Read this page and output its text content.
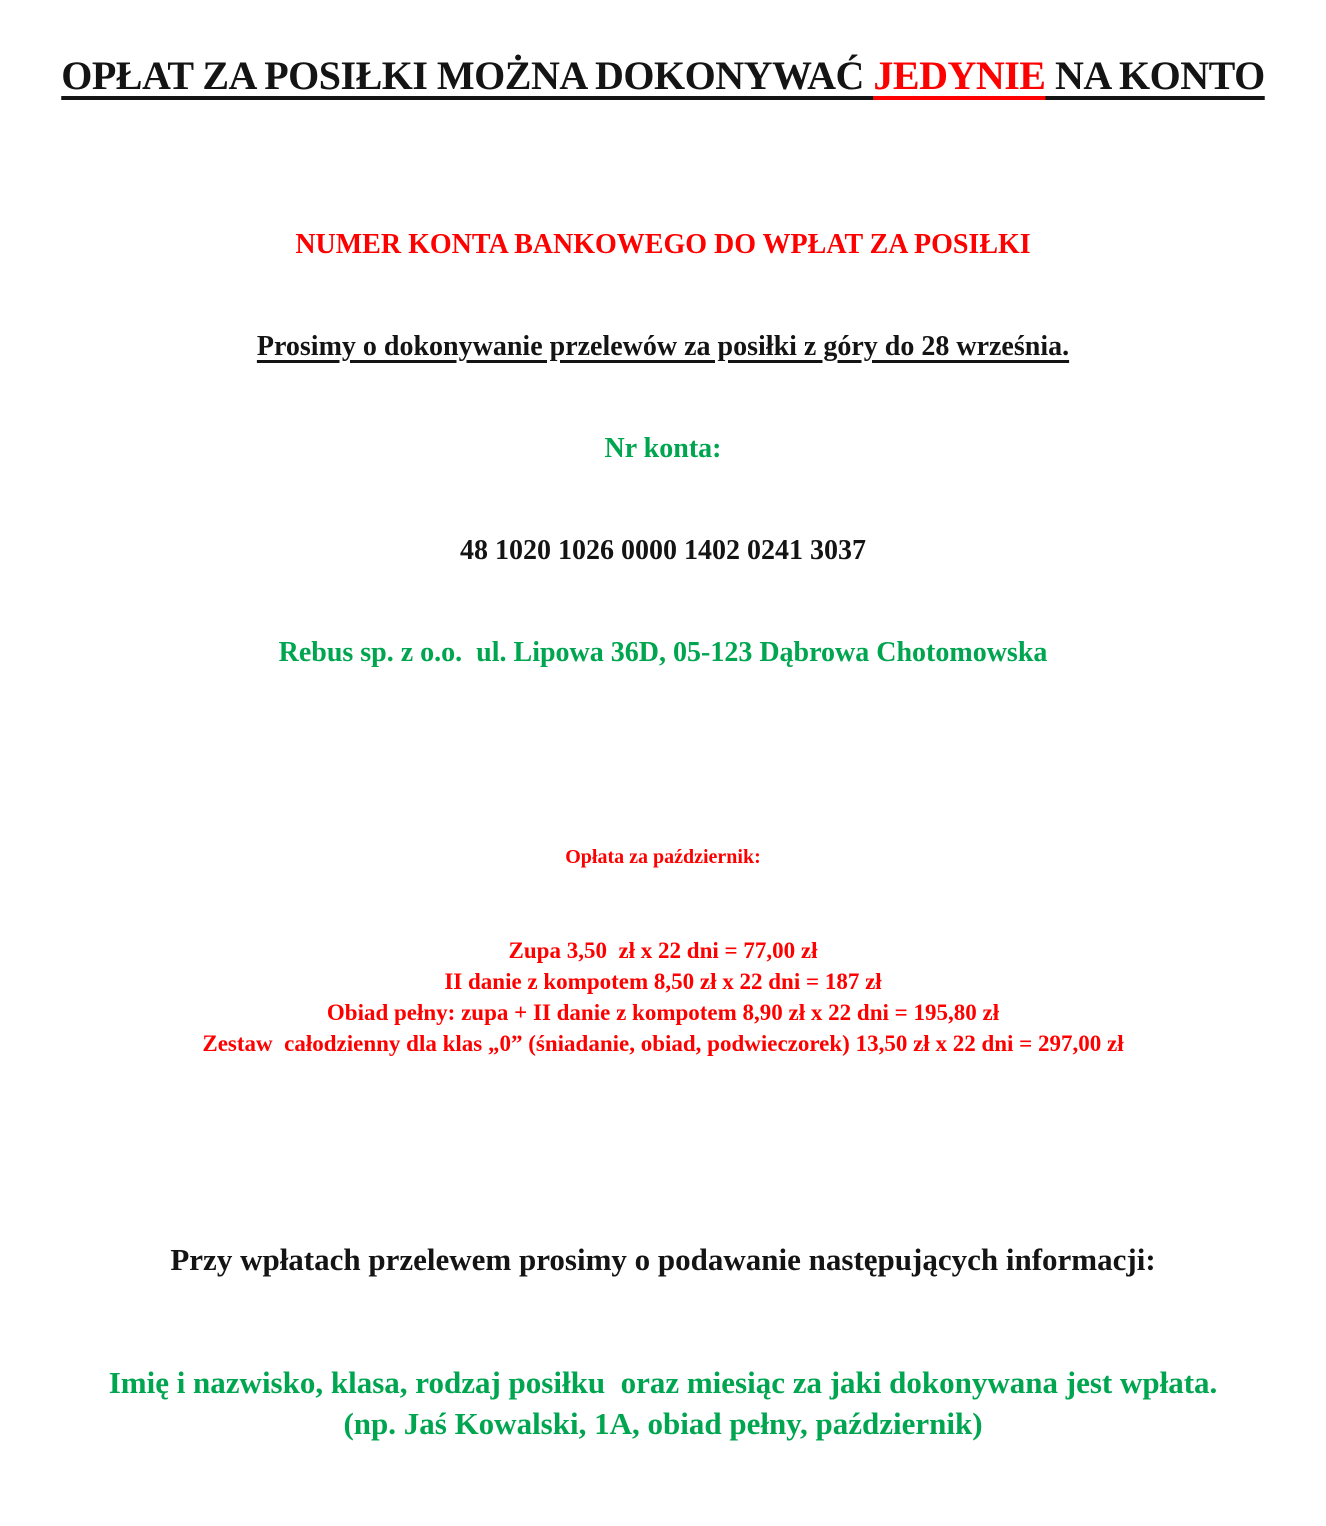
OPŁAT ZA POSIŁKI MOŻNA DOKONYWAĆ JEDYNIE NA KONTO

NUMER KONTA BANKOWEGO DO WPŁAT ZA POSIŁKI

Prosimy o dokonywanie przelewów za posiłki z góry do 28 września.

Nr konta:

48 1020 1026 0000 1402 0241 3037

Rebus sp. z o.o.  ul. Lipowa 36D, 05-123 Dąbrowa Chotomowska

Opłata za październik:

Zupa 3,50  zł x 22 dni = 77,00 zł
II danie z kompotem 8,50 zł x 22 dni = 187 zł
Obiad pełny: zupa + II danie z kompotem 8,90 zł x 22 dni = 195,80 zł
Zestaw  całodzienny dla klas „0” (śniadanie, obiad, podwieczorek) 13,50 zł x 22 dni = 297,00 zł

Przy wpłatach przelewem prosimy o podawanie następujących informacji:

Imię i nazwisko, klasa, rodzaj posiłku  oraz miesiąc za jaki dokonywana jest wpłata. (np. Jaś Kowalski, 1A, obiad pełny, październik)
